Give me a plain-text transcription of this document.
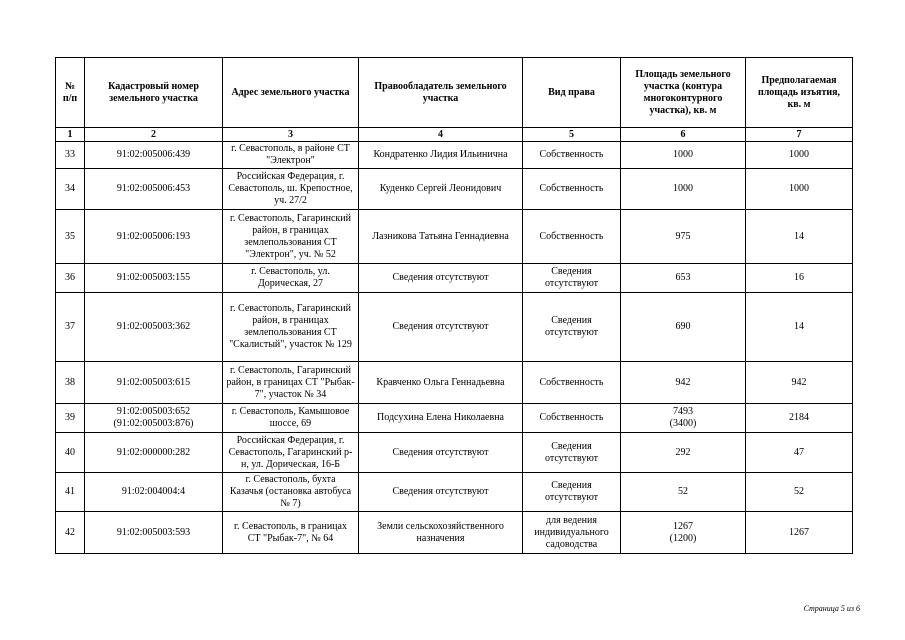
№
п/п	Кадастровый номер
земельного участка	Адрес земельного участка	Правообладатель земельного
участка	Вид права	Площадь земельного
участка (контура
многоконтурного
участка), кв. м	Предполагаемая
площадь изъятия,
кв. м
1	2	3	4	5	6	7
33	91:02:005006:439	г. Севастополь, в районе СТ
"Электрон"	Кондратенко Лидия Ильинична	Собственность	1000	1000
34	91:02:005006:453	Российская Федерация, г.
Севастополь, ш. Крепостное,
уч. 27/2	Куденко Сергей Леонидович	Собственность	1000	1000
35	91:02:005006:193	г. Севастополь, Гагаринский
район, в границах
землепользования СТ
"Электрон", уч. № 52	Лазникова Татьяна Геннадиевна	Собственность	975	14
36	91:02:005003:155	г. Севастополь, ул.
Дорическая, 27	Сведения отсутствуют	Сведения отсутствуют	653	16
37	91:02:005003:362	г. Севастополь, Гагаринский
район, в границах
землепользования СТ
"Скалистый", участок № 129	Сведения отсутствуют	Сведения отсутствуют	690	14
38	91:02:005003:615	г. Севастополь, Гагаринский
район, в границах СТ "Рыбак-
7", участок № 34	Кравченко Ольга Геннадьевна	Собственность	942	942
39	91:02:005003:652
(91:02:005003:876)	г. Севастополь, Камышовое
шоссе, 69	Подсухина Елена Николаевна	Собственность	7493
(3400)	2184
40	91:02:000000:282	Российская Федерация, г.
Севастополь, Гагаринский р-
н, ул. Дорическая, 16-Б	Сведения отсутствуют	Сведения отсутствуют	292	47
41	91:02:004004:4	г. Севастополь, бухта
Казачья (остановка автобуса
№ 7)	Сведения отсутствуют	Сведения отсутствуют	52	52
42	91:02:005003:593	г. Севастополь, в границах
СТ "Рыбак-7", № 64	Земли сельскохозяйственного
назначения	для ведения
индивидуального
садоводства	1267
(1200)	1267
Страница 5 из 6
